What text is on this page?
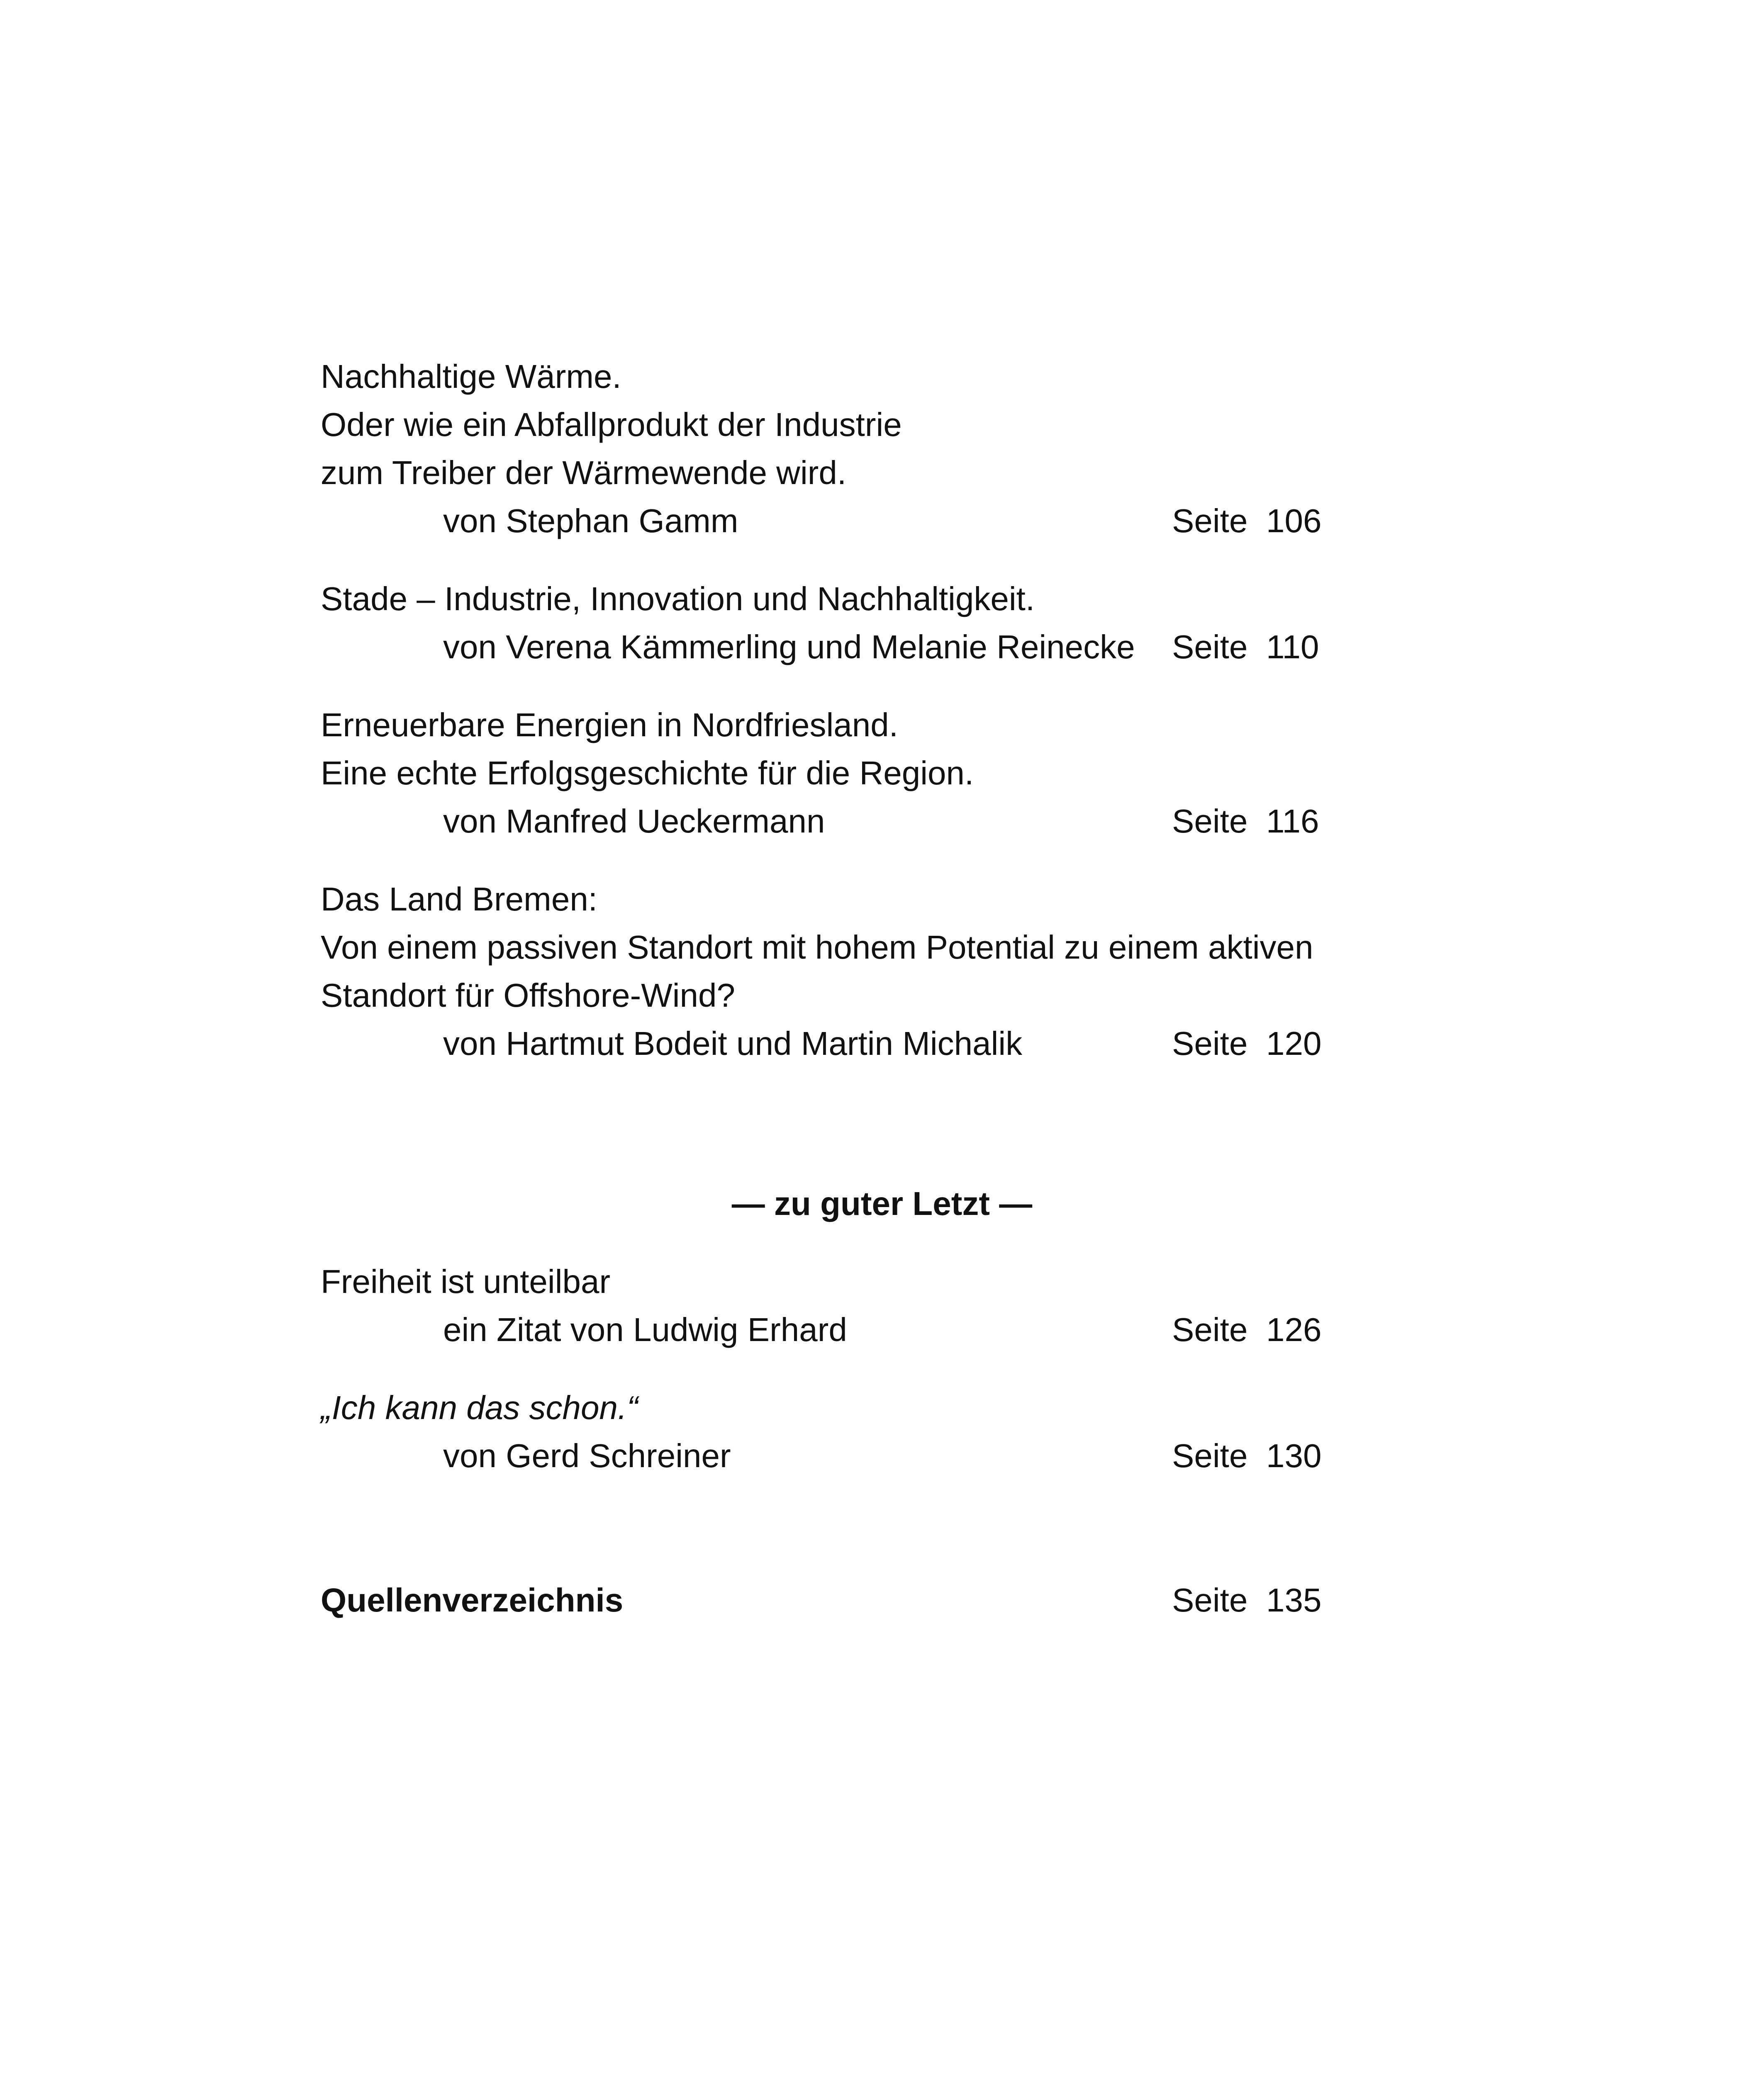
Nachhaltige Wärme.
Oder wie ein Abfallprodukt der Industrie
zum Treiber der Wärmewende wird.
von Stephan Gamm	Seite 106
Stade – Industrie, Innovation und Nachhaltigkeit.
von Verena Kämmerling und Melanie Reinecke Seite 110
Erneuerbare Energien in Nordfriesland.
Eine echte Erfolgsgeschichte für die Region.
von Manfred Ueckermann	Seite 116
Das Land Bremen:
Von einem passiven Standort mit hohem Potential zu einem aktiven
Standort für Offshore-Wind?
von Hartmut Bodeit und Martin Michalik	Seite 120
— zu guter Letzt —
Freiheit ist unteilbar
ein Zitat von Ludwig Erhard	Seite 126
„Ich kann das schon.“
von Gerd Schreiner	Seite 130
Quellenverzeichnis	Seite 135
